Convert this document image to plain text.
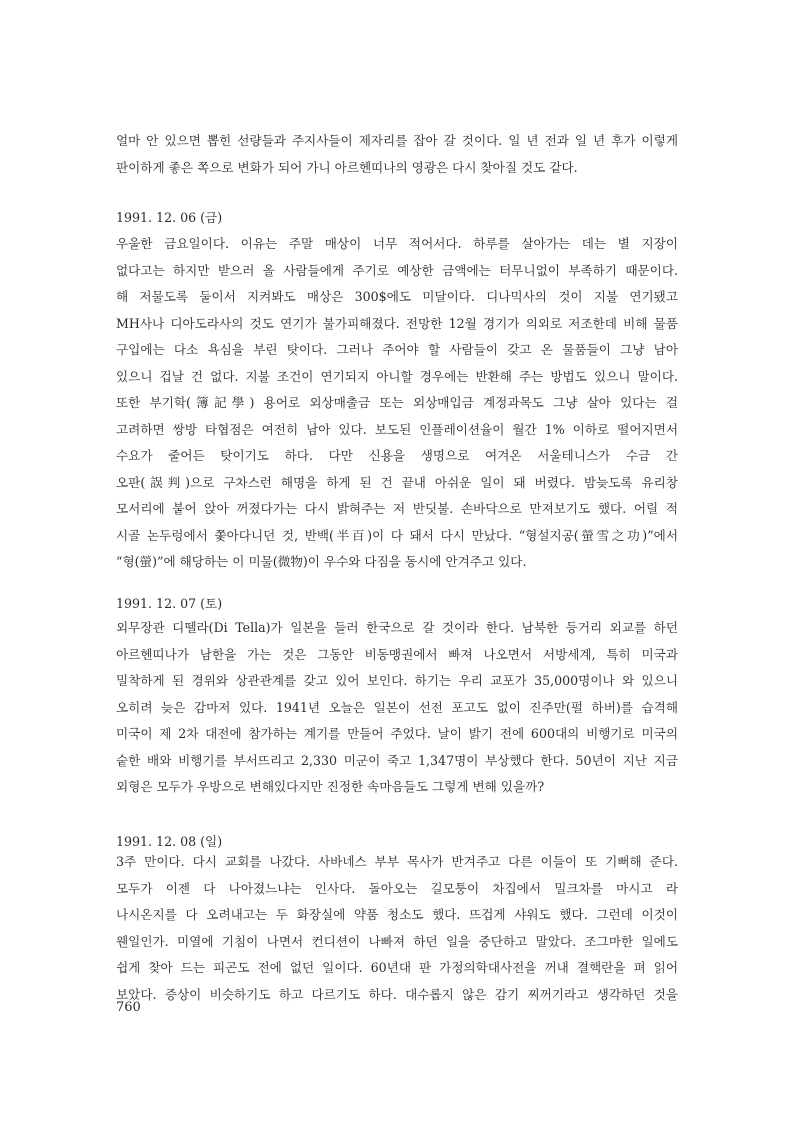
얼마 안 있으면 뽑힌 선량들과 주지사들이 제자리를 잡아 갈 것이다. 일 년 전과 일 년 후가 이렇게
판이하게 좋은 쪽으로 변화가 되어 가니 아르헨띠나의 영광은 다시 찾아질 것도 같다.

1991. 12. 06 (금)

우울한 금요일이다. 이유는 주말 매상이 너무 적어서다. 하루를 살아가는 데는 별 지장이
없다고는 하지만 받으러 올 사람들에게 주기로 예상한 금액에는 터무니없이 부족하기 때문이다.
해 저물도록 둘이서 지켜봐도 매상은 300$에도 미달이다. 디나믹사의 것이 지불 연기됐고
MH사나 디아도라사의 것도 연기가 불가피해졌다. 전망한 12월 경기가 의외로 저조한데 비해 물품
구입에는 다소 욕심을 부린 탓이다. 그러나 주어야 할 사람들이 갖고 온 물품들이 그냥 남아
있으니 겁날 건 없다. 지불 조건이 연기되지 아니할 경우에는 반환해 주는 방법도 있으니 말이다.
또한 부기학(簿記學) 용어로 외상매출금 또는 외상매입금 계정과목도 그냥 살아 있다는 걸
고려하면 쌍방 타협점은 여전히 남아 있다. 보도된 인플레이션율이 월간 1% 이하로 떨어지면서
수요가 줄어든 탓이기도 하다. 다만 신용을 생명으로 여겨온 서울테니스가 수금 간
오판(誤判)으로 구차스런 해명을 하게 된 건 끝내 아쉬운 일이 돼 버렸다. 밤늦도록 유리창
모서리에 붙어 앉아 꺼졌다가는 다시 밝혀주는 저 반딧불. 손바닥으로 만져보기도 했다. 어릴 적
시골 논두렁에서 쫓아다니던 것, 반백(半百)이 다 돼서 다시 만났다. “형설지공(螢雪之功)”에서
“형(螢)”에 해당하는 이 미물(微物)이 우수와 다짐을 동시에 안겨주고 있다.

1991. 12. 07 (토)

외무장관 디뗄라(Di Tella)가 일본을 들러 한국으로 갈 것이라 한다. 남북한 등거리 외교를 하던
아르헨띠나가 남한을 가는 것은 그동안 비동맹권에서 빠져 나오면서 서방세계, 특히 미국과
밀착하게 된 경위와 상관관계를 갖고 있어 보인다. 하기는 우리 교포가 35,000명이나 와 있으니
오히려 늦은 감마저 있다. 1941년 오늘은 일본이 선전 포고도 없이 진주만(펄 하버)를 습격해
미국이 제 2차 대전에 참가하는 계기를 만들어 주었다. 날이 밝기 전에 600대의 비행기로 미국의
숱한 배와 비행기를 부서뜨리고 2,330 미군이 죽고 1,347명이 부상했다 한다. 50년이 지난 지금
외형은 모두가 우방으로 변해있다지만 진정한 속마음들도 그렇게 변해 있을까?

1991. 12. 08 (일)

3주 만이다. 다시 교회를 나갔다. 사바네스 부부 목사가 반겨주고 다른 이들이 또 기뻐해 준다.
모두가 이젠 다 나아졌느냐는 인사다. 돌아오는 길모퉁이 차집에서 밀크차를 마시고 라
나시온지를 다 오려내고는 두 화장실에 약품 청소도 했다. 뜨겁게 샤워도 했다. 그런데 이것이
웬일인가. 미열에 기침이 나면서 컨디션이 나빠져 하던 일을 중단하고 말았다. 조그마한 일에도
쉽게 찾아 드는 피곤도 전에 없던 일이다. 60년대 판 가정의학대사전을 꺼내 결핵란을 펴 읽어
보았다. 증상이 비슷하기도 하고 다르기도 하다. 대수롭지 않은 감기 찌꺼기라고 생각하던 것을

760
